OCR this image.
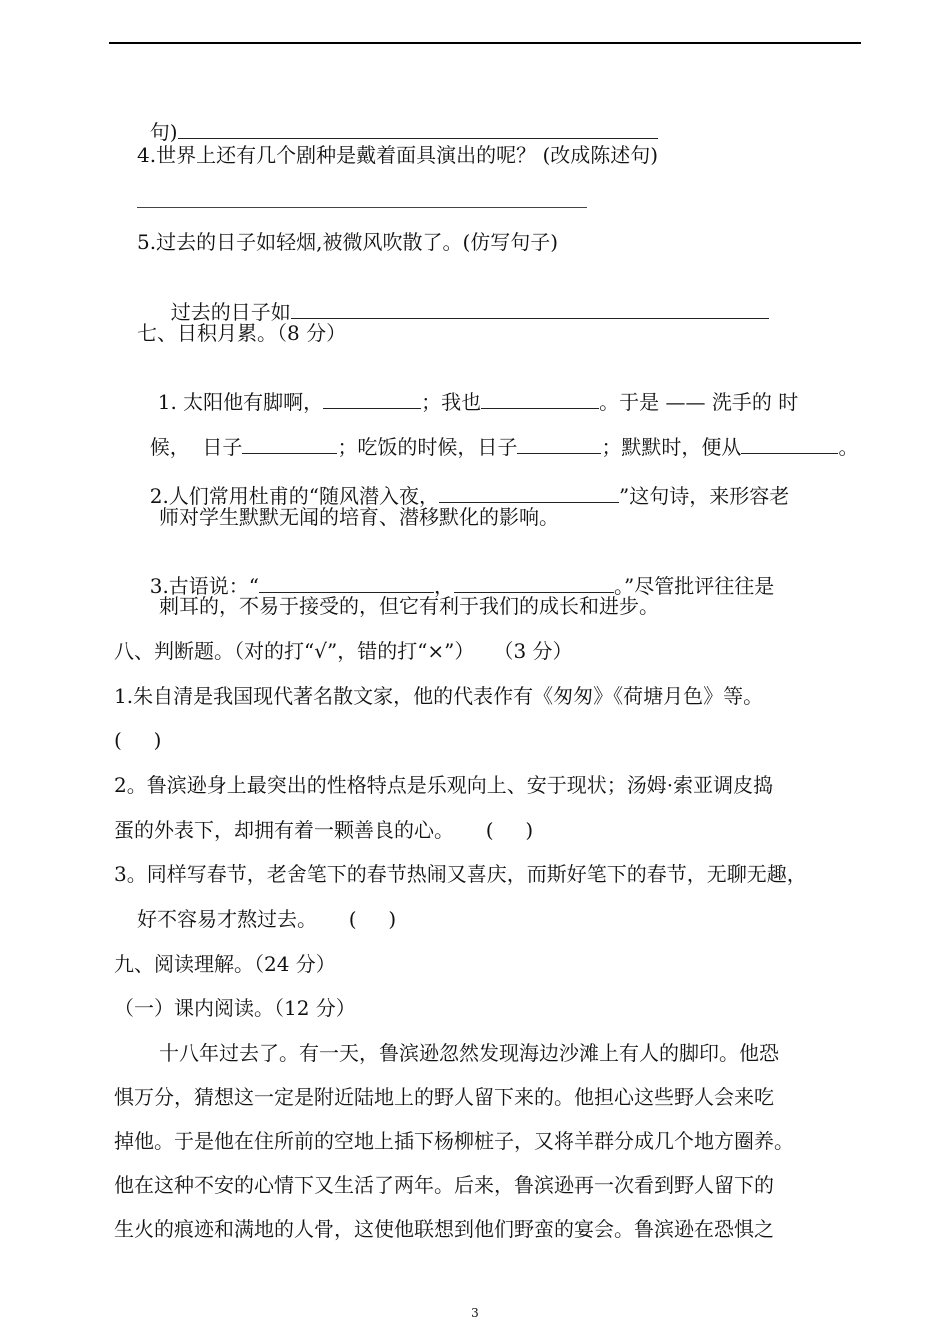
句)

4.世界上还有几个剧种是戴着面具演出的呢？ (改成陈述句)
5.过去的日子如轻烟,被微风吹散了。(仿写句子)

过去的日子如

七、日积月累。（8 分）

1. 太阳他有脚啊，	；我也	。于是 —— 洗手的 时

候，  日子	；吃饭的时候，日子	；默默时，便从	。

2.人们常用杜甫的“随风潜入夜，	”这句诗，来形容老

师对学生默默无闻的培育、潜移默化的影响。

3.古语说：“	，	。”尽管批评往往是

刺耳的，不易于接受的，但它有利于我们的成长和进步。
八、判断题。（对的打“√”，错的打“×”）   （3 分）
1.朱自清是我国现代著名散文家，他的代表作有《匆匆》《荷塘月色》等。
(     )
2。鲁滨逊身上最突出的性格特点是乐观向上、安于现状；汤姆·索亚调皮捣
蛋的外表下，却拥有着一颗善良的心。     (     )
3。同样写春节，老舍笔下的春节热闹又喜庆，而斯好笔下的春节，无聊无趣，
好不容易才熬过去。     (     )
九、阅读理解。（24 分）
（一）课内阅读。（12 分）
十八年过去了。有一天，鲁滨逊忽然发现海边沙滩上有人的脚印。他恐
惧万分，猜想这一定是附近陆地上的野人留下来的。他担心这些野人会来吃
掉他。于是他在住所前的空地上插下杨柳桩子，又将羊群分成几个地方圈养。
他在这种不安的心情下又生活了两年。后来，鲁滨逊再一次看到野人留下的
生火的痕迹和满地的人骨，这使他联想到他们野蛮的宴会。鲁滨逊在恐惧之
3
